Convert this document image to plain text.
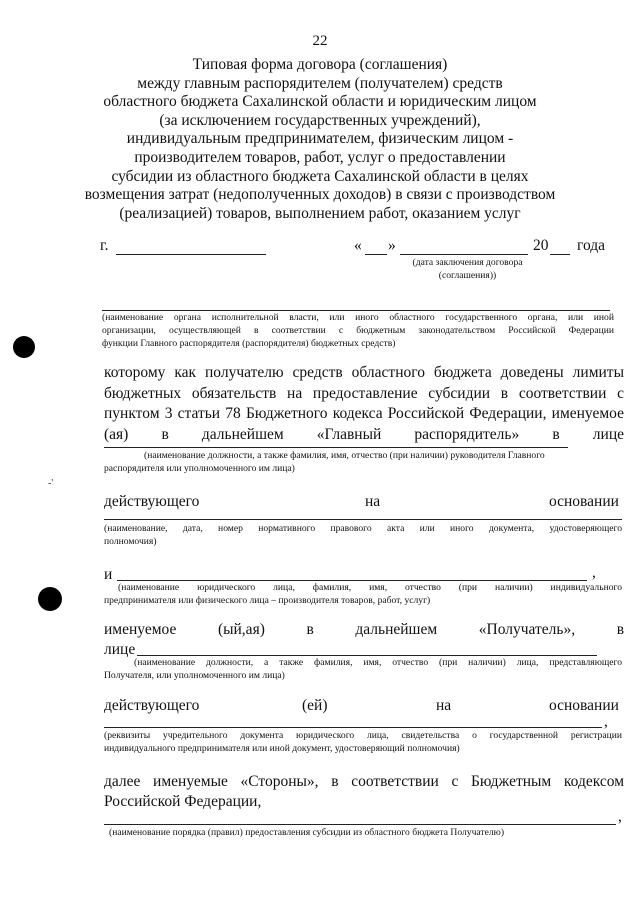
22
Типовая форма договора (соглашения)
между главным распорядителем (получателем) средств
областного бюджета Сахалинской области и юридическим лицом
(за исключением государственных учреждений),
индивидуальным предпринимателем, физическим лицом -
производителем товаров, работ, услуг о предоставлении
субсидии из областного бюджета Сахалинской области в целях
возмещения затрат (недополученных доходов) в связи с производством
(реализацией) товаров, выполнением работ, оказанием услуг
г.	« »	20 года
(дата заключения договора
(соглашения))
(наименование органа исполнительной власти, или иного областного государственного органа, или иной
организации, осуществляющей в соответствии с бюджетным законодательством Российской Федерации
функции Главного распорядителя (распорядителя) бюджетных средств)
которому как получателю средств областного бюджета доведены лимиты
бюджетных обязательств на предоставление субсидии в соответствии с
пунктом 3 статьи 78 Бюджетного кодекса Российской Федерации, именуемое
(ая) в дальнейшем «Главный распорядитель» в лице
(наименование должности, а также фамилия, имя, отчество (при наличии) руководителя Главного
распорядителя или уполномоченного им лица)
-'
действующего	на	основании
(наименование, дата, номер нормативного правового акта или иного документа, удостоверяющего
полномочия)
и	,
(наименование юридического лица, фамилия, имя, отчество (при наличии) индивидуального
предпринимателя или физического лица – производителя товаров, работ, услуг)
именуемое	(ый,ая)	в	дальнейшем	«Получатель»,	в
лице
(наименование должности, а также фамилия, имя, отчество (при наличии) лица, представляющего
Получателя, или уполномоченного им лица)
действующего	(ей)	на	основании
,
(реквизиты учредительного документа юридического лица, свидетельства о государственной регистрации
индивидуального предпринимателя или иной документ, удостоверяющий полномочия)
далее именуемые «Стороны», в соответствии с Бюджетным кодексом
Российской Федерации,
,
(наименование порядка (правил) предоставления субсидии из областного бюджета Получателю)
